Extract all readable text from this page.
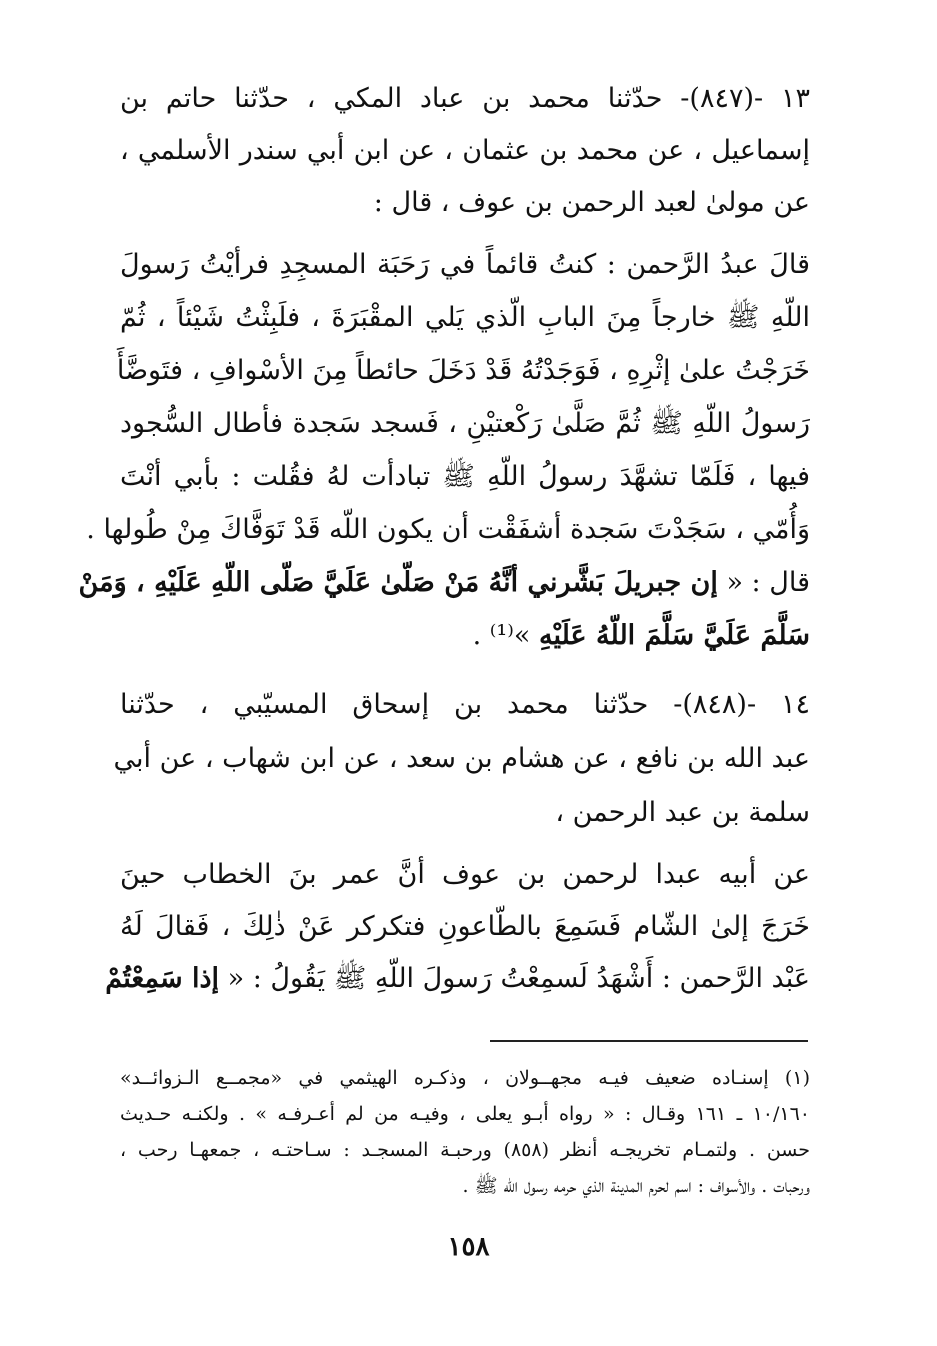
١٣ -(٨٤٧)- حدّثنا محمد بن عباد المكي ، حدّثنا حاتم بن
إسماعيل ، عن محمد بن عثمان ، عن ابن أبي سندر الأسلمي ،
عن مولىٰ لعبد الرحمن بن عوف ، قال :
قالَ عبدُ الرَّحمن : كنتُ قائماً في رَحَبَة المسجِدِ فرأيْتُ رَسولَ
اللّهِ ﷺ خارجاً مِنَ البابِ الّذي يَلي المقْبَرَةَ ، فلَبِثْتُ شَيْئاً ، ثُمّ
خَرَجْتُ علىٰ إثْرِهِ ، فَوَجَدْتُهُ قَدْ دَخَلَ حائطاً مِنَ الأسْوافِ ، فتَوضَّأَ
رَسولُ اللّهِ ﷺ ثُمَّ صَلَّىٰ رَكْعتيْنِ ، فَسجد سَجدة فأطال السُّجود
فيها ، فَلَمّا تشهَّدَ رسولُ اللّهِ ﷺ تبادأت لهُ فقُلت : بأبي أنْتَ
وَأُمّي ، سَجَدْتَ سَجدة أشفَقْت أن يكون اللّه قَدْ تَوَفَّاكَ مِنْ طُولها .
قال : « إن جبريلَ بَشَّرني أنَّهُ مَنْ صَلّىٰ عَلَيَّ صَلّى اللّهِ عَلَيْهِ ، وَمَنْ
سَلَّمَ عَلَيَّ سَلَّمَ اللّهُ عَلَيْهِ »⁽¹⁾ .
١٤ -(٨٤٨)- حدّثنا محمد بن إسحاق المسيّبي ، حدّثنا
عبد الله بن نافع ، عن هشام بن سعد ، عن ابن شهاب ، عن أبي
سلمة بن عبد الرحمن ،
عن أبيه عبدا لرحمن بن عوف أنَّ عمر بنَ الخطاب حينَ
خَرَجَ إلىٰ الشّام فَسَمِعَ بالطّاعونِ فتكركر عَنْ ذٰلِكَ ، فَقالَ لَهُ
عَبْد الرَّحمن : أَشْهَدُ لَسمِعْتُ رَسولَ اللّهِ ﷺ يَقُولُ : « إذا سَمِعْتُمْ
(١) إسنـاده ضعيف فيـه مجهــولان ، وذكـره الهيثمي في «مجمــع الـزوائــد»
١٠/١٦٠ ـ ١٦١ وقـال : « رواه أبـو يعلى ، وفيـه من لم أعـرفـه » . ولكنـه حـديث
حسن . ولتمـام تخريجـه أنظر (٨٥٨) ورحبـة المسجـد : سـاحتـه ، جمعهـا رحب ،
ورحبات . والأسواف : اسم لحرم المدينة الذي حرمه رسول الله ﷺ .
١٥٨
